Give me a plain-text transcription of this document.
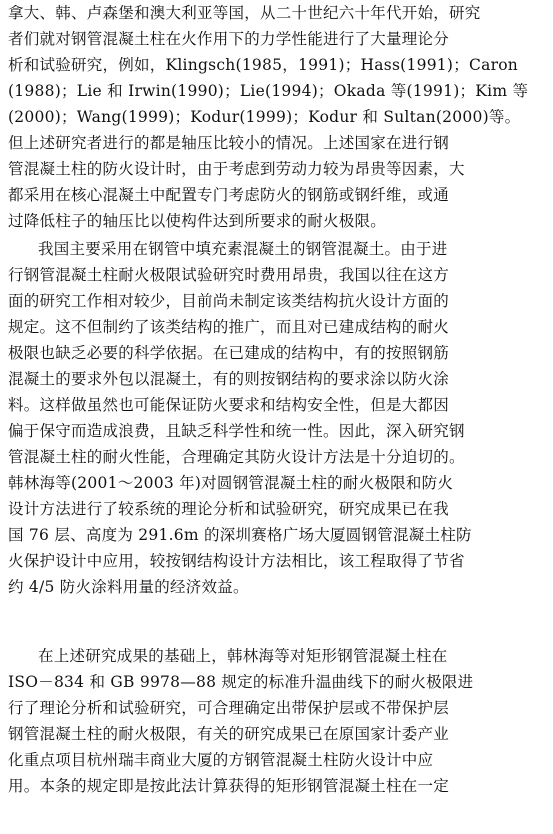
拿大、韩、卢森堡和澳大利亚等国，从二十世纪六十年代开始，研究
者们就对钢管混凝土柱在火作用下的力学性能进行了大量理论分
析和试验研究，例如，Klingsch(1985，1991)；Hass(1991)；Caron
(1988)；Lie 和 Irwin(1990)；Lie(1994)；Okada 等(1991)；Kim 等
(2000)；Wang(1999)；Kodur(1999)；Kodur 和 Sultan(2000)等。
但上述研究者进行的都是轴压比较小的情况。上述国家在进行钢
管混凝土柱的防火设计时，由于考虑到劳动力较为昂贵等因素，大
都采用在核心混凝土中配置专门考虑防火的钢筋或钢纤维，或通
过降低柱子的轴压比以使构件达到所要求的耐火极限。
我国主要采用在钢管中填充素混凝土的钢管混凝土。由于进
行钢管混凝土柱耐火极限试验研究时费用昂贵，我国以往在这方
面的研究工作相对较少，目前尚未制定该类结构抗火设计方面的
规定。这不但制约了该类结构的推广，而且对已建成结构的耐火
极限也缺乏必要的科学依据。在已建成的结构中，有的按照钢筋
混凝土的要求外包以混凝土，有的则按钢结构的要求涂以防火涂
料。这样做虽然也可能保证防火要求和结构安全性，但是大都因
偏于保守而造成浪费，且缺乏科学性和统一性。因此，深入研究钢
管混凝土柱的耐火性能，合理确定其防火设计方法是十分迫切的。
韩林海等(2001～2003 年)对圆钢管混凝土柱的耐火极限和防火
设计方法进行了较系统的理论分析和试验研究，研究成果已在我
国 76 层、高度为 291.6m 的深圳赛格广场大厦圆钢管混凝土柱防
火保护设计中应用，较按钢结构设计方法相比，该工程取得了节省
约 4/5 防火涂料用量的经济效益。
在上述研究成果的基础上，韩林海等对矩形钢管混凝土柱在
ISO－834 和 GB 9978—88 规定的标准升温曲线下的耐火极限进
行了理论分析和试验研究，可合理确定出带保护层或不带保护层
钢管混凝土柱的耐火极限，有关的研究成果已在原国家计委产业
化重点项目杭州瑞丰商业大厦的方钢管混凝土柱防火设计中应
用。本条的规定即是按此法计算获得的矩形钢管混凝土柱在一定
